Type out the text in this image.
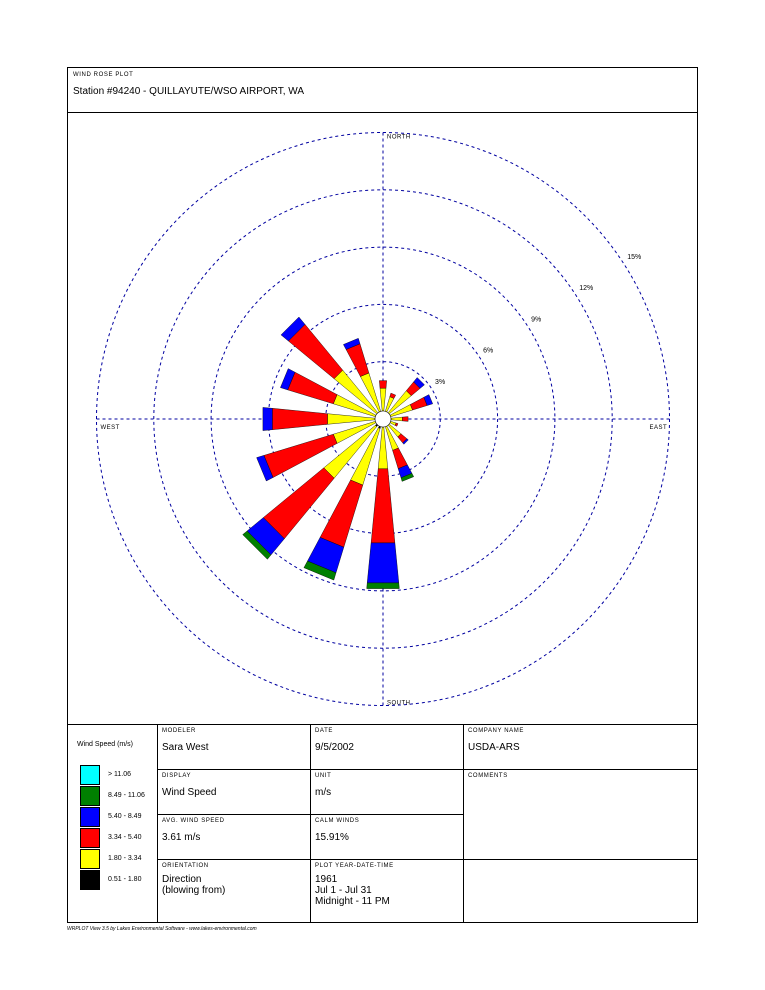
WIND ROSE PLOT
Station #94240 - QUILLAYUTE/WSO AIRPORT, WA
3%
6%
9%
12%
15%
NORTH
SOUTH
EAST
WEST
Wind Speed (m/s)
> 11.06
8.49 - 11.06
5.40 - 8.49
3.34 - 5.40
1.80 - 3.34
0.51 - 1.80
MODELER
Sara West
DATE
9/5/2002
COMPANY NAME
USDA-ARS
DISPLAY
Wind Speed
UNIT
m/s
COMMENTS
AVG. WIND SPEED
3.61 m/s
CALM WINDS
15.91%
ORIENTATION
Direction
(blowing from)
PLOT YEAR-DATE-TIME
1961
Jul 1 - Jul 31
Midnight - 11 PM
WRPLOT View 3.5 by Lakes Environmental Software - www.lakes-environmental.com
